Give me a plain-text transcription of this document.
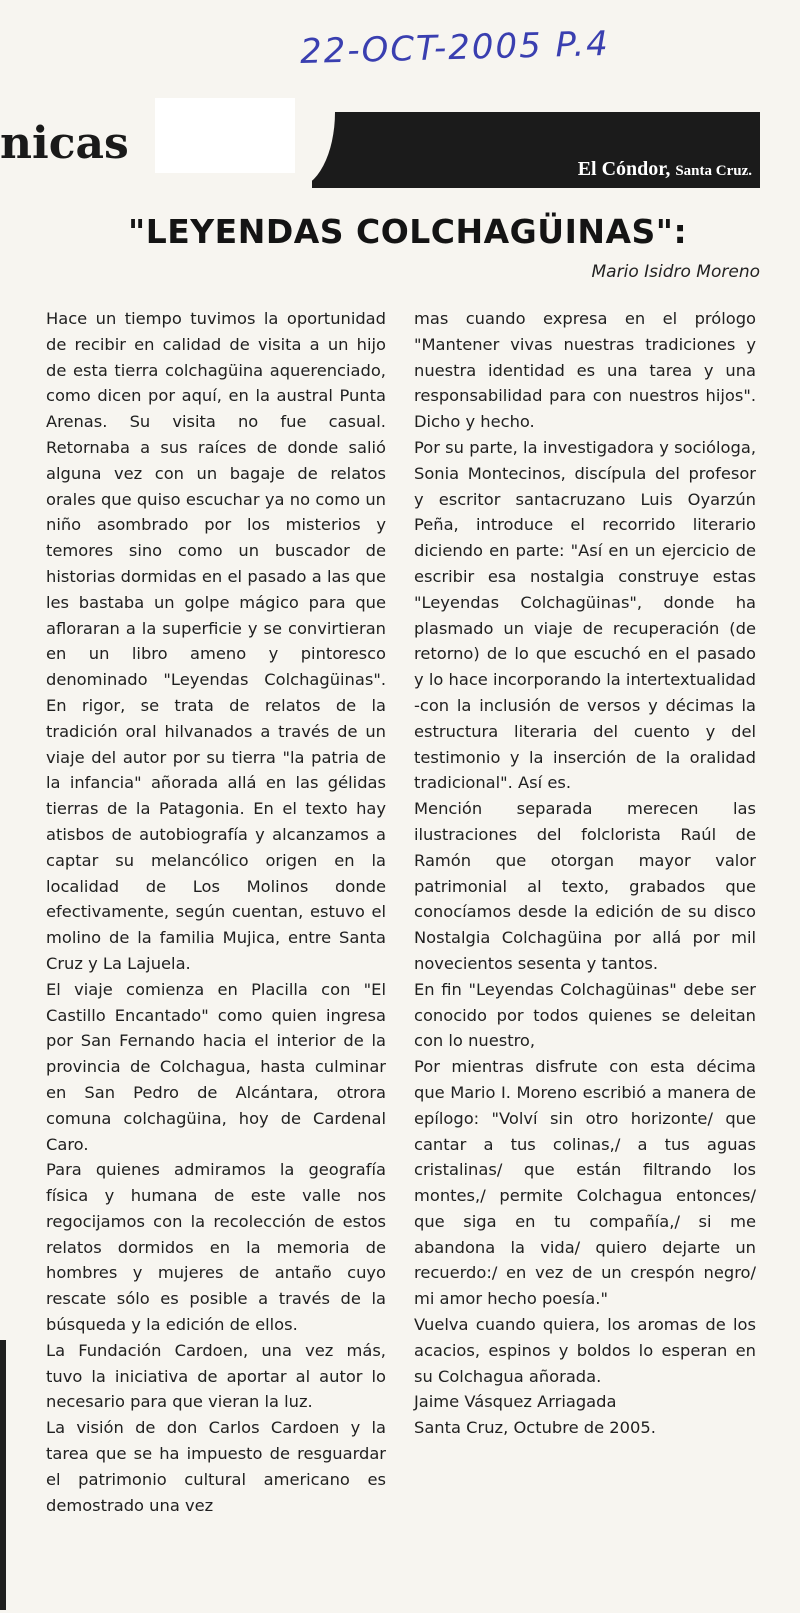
22-OCT-2005 P.4
nicas	El Cóndor, Santa Cruz.
"LEYENDAS COLCHAGÜINAS":
Mario Isidro Moreno

Hace un tiempo tuvimos la oportunidad de recibir en calidad de visita a un hijo de esta tierra colchagüina aquerenciado, como dicen por aquí, en la austral Punta Arenas. Su visita no fue casual. Retornaba a sus raíces de donde salió alguna vez con un bagaje de relatos orales que quiso escuchar ya no como un niño asombrado por los misterios y temores sino como un buscador de historias dormidas en el pasado a las que les bastaba un golpe mágico para que afloraran a la superficie y se convirtieran en un libro ameno y pintoresco denominado "Leyendas Colchagüinas". En rigor, se trata de relatos de la tradición oral hilvanados a través de un viaje del autor por su tierra "la patria de la infancia" añorada allá en las gélidas tierras de la Patagonia. En el texto hay atisbos de autobiografía y alcanzamos a captar su melancólico origen en la localidad de Los Molinos donde efectivamente, según cuentan, estuvo el molino de la familia Mujica, entre Santa Cruz y La Lajuela.

El viaje comienza en Placilla con "El Castillo Encantado" como quien ingresa por San Fernando hacia el interior de la provincia de Colchagua, hasta culminar en San Pedro de Alcántara, otrora comuna colchagüina, hoy de Cardenal Caro.

Para quienes admiramos la geografía física y humana de este valle nos regocijamos con la recolección de estos relatos dormidos en la memoria de hombres y mujeres de antaño cuyo rescate sólo es posible a través de la búsqueda y la edición de ellos.

La Fundación Cardoen, una vez más, tuvo la iniciativa de aportar al autor lo necesario para que vieran la luz.

La visión de don Carlos Cardoen y la tarea que se ha impuesto de resguardar el patrimonio cultural americano es demostrado una vez

mas cuando expresa en el prólogo "Mantener vivas nuestras tradiciones y nuestra identidad es una tarea y una responsabilidad para con nuestros hijos". Dicho y hecho.

Por su parte, la investigadora y socióloga, Sonia Montecinos, discípula del profesor y escritor santacruzano Luis Oyarzún Peña, introduce el recorrido literario diciendo en parte: "Así en un ejercicio de escribir esa nostalgia construye estas "Leyendas Colchagüinas", donde ha plasmado un viaje de recuperación (de retorno) de lo que escuchó en el pasado y lo hace incorporando la intertextualidad -con la inclusión de versos y décimas la estructura literaria del cuento y del testimonio y la inserción de la oralidad tradicional". Así es.

Mención separada merecen las ilustraciones del folclorista Raúl de Ramón que otorgan mayor valor patrimonial al texto, grabados que conocíamos desde la edición de su disco Nostalgia Colchagüina por allá por mil novecientos sesenta y tantos.

En fin "Leyendas Colchagüinas" debe ser conocido por todos quienes se deleitan con lo nuestro,

Por mientras disfrute con esta décima que Mario I. Moreno escribió a manera de epílogo: "Volví sin otro horizonte/ que cantar a tus colinas,/ a tus aguas cristalinas/ que están filtrando los montes,/ permite Colchagua entonces/ que siga en tu compañía,/ si me abandona la vida/ quiero dejarte un recuerdo:/ en vez de un crespón negro/ mi amor hecho poesía."

Vuelva cuando quiera, los aromas de los acacios, espinos y boldos lo esperan en su Colchagua añorada.

Jaime Vásquez Arriagada

Santa Cruz, Octubre de 2005.
